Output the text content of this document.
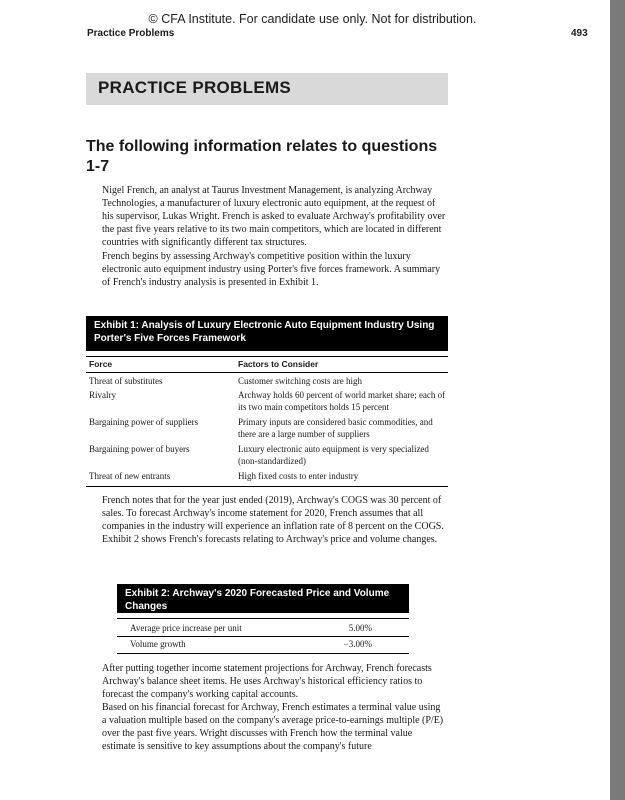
© CFA Institute. For candidate use only. Not for distribution.
Practice Problems	493
PRACTICE PROBLEMS
The following information relates to questions 1-7

Nigel French, an analyst at Taurus Investment Management, is analyzing Archway Technologies, a manufacturer of luxury electronic auto equipment, at the request of his supervisor, Lukas Wright. French is asked to evaluate Archway's profitability over the past five years relative to its two main competitors, which are located in different countries with significantly different tax structures.

French begins by assessing Archway's competitive position within the luxury electronic auto equipment industry using Porter's five forces framework. A summary of French's industry analysis is presented in Exhibit 1.

Exhibit 1: Analysis of Luxury Electronic Auto Equipment Industry Using Porter's Five Forces Framework
Force	Factors to Consider
Threat of substitutes	Customer switching costs are high
Rivalry	Archway holds 60 percent of world market share; each of its two main competitors holds 15 percent
Bargaining power of suppliers	Primary inputs are considered basic commodities, and there are a large number of suppliers
Bargaining power of buyers	Luxury electronic auto equipment is very specialized (non-standardized)
Threat of new entrants	High fixed costs to enter industry

French notes that for the year just ended (2019), Archway's COGS was 30 percent of sales. To forecast Archway's income statement for 2020, French assumes that all companies in the industry will experience an inflation rate of 8 percent on the COGS. Exhibit 2 shows French's forecasts relating to Archway's price and volume changes.

Exhibit 2: Archway's 2020 Forecasted Price and Volume Changes
Average price increase per unit	5.00%
Volume growth	−3.00%

After putting together income statement projections for Archway, French forecasts Archway's balance sheet items. He uses Archway's historical efficiency ratios to forecast the company's working capital accounts.

Based on his financial forecast for Archway, French estimates a terminal value using a valuation multiple based on the company's average price-to-earnings multiple (P/E) over the past five years. Wright discusses with French how the terminal value estimate is sensitive to key assumptions about the company's future
